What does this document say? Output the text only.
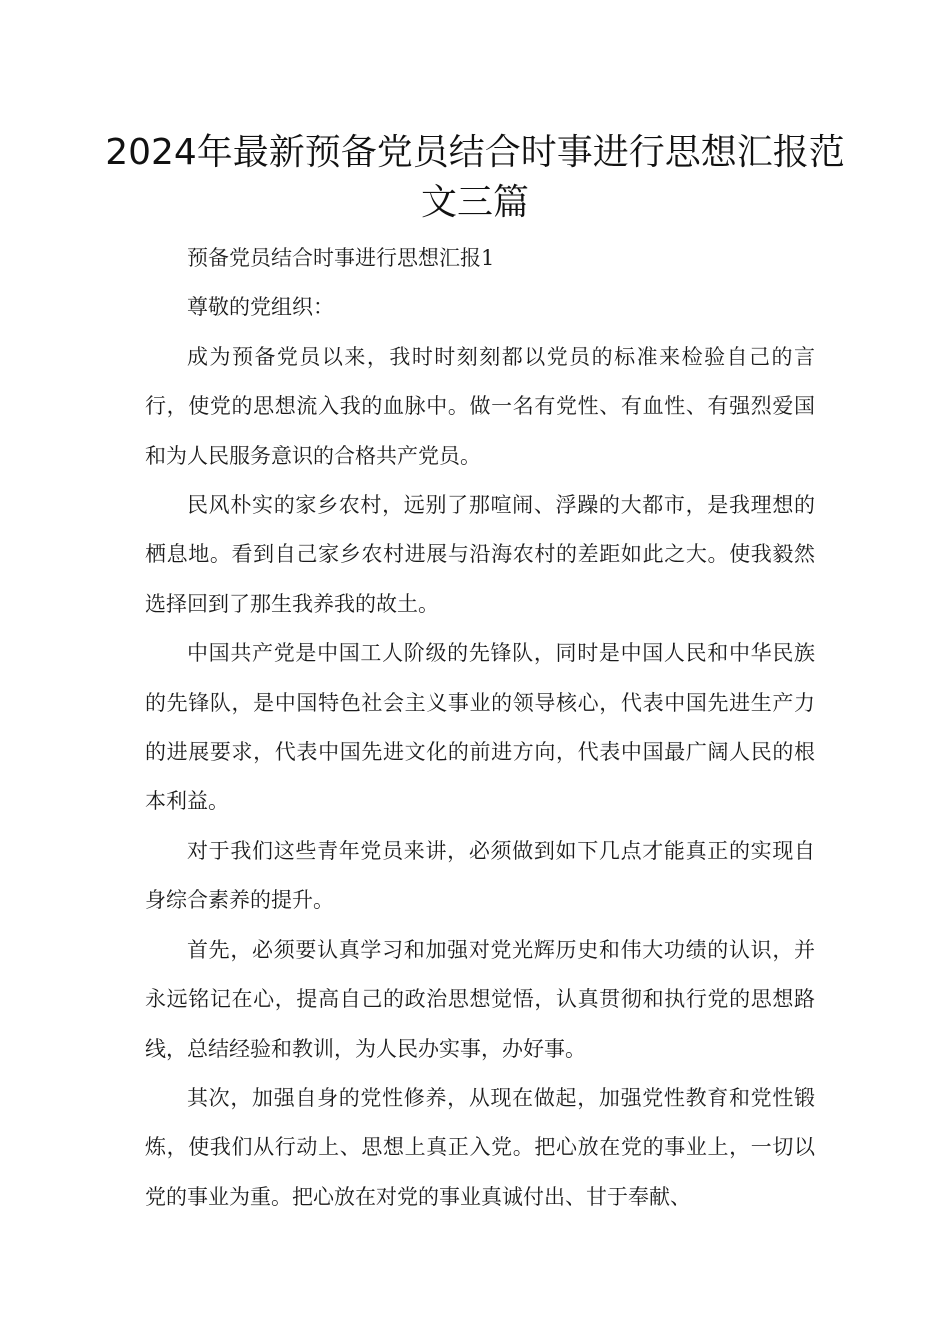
2024年最新预备党员结合时事进行思想汇报范文三篇

预备党员结合时事进行思想汇报1

尊敬的党组织：

成为预备党员以来，我时时刻刻都以党员的标准来检验自己的言行，使党的思想流入我的血脉中。做一名有党性、有血性、有强烈爱国和为人民服务意识的合格共产党员。

民风朴实的家乡农村，远别了那喧闹、浮躁的大都市，是我理想的栖息地。看到自己家乡农村进展与沿海农村的差距如此之大。使我毅然选择回到了那生我养我的故土。

中国共产党是中国工人阶级的先锋队，同时是中国人民和中华民族的先锋队，是中国特色社会主义事业的领导核心，代表中国先进生产力的进展要求，代表中国先进文化的前进方向，代表中国最广阔人民的根本利益。

对于我们这些青年党员来讲，必须做到如下几点才能真正的实现自身综合素养的提升。

首先，必须要认真学习和加强对党光辉历史和伟大功绩的认识，并永远铭记在心，提高自己的政治思想觉悟，认真贯彻和执行党的思想路线，总结经验和教训，为人民办实事，办好事。

其次，加强自身的党性修养，从现在做起，加强党性教育和党性锻炼，使我们从行动上、思想上真正入党。把心放在党的事业上，一切以党的事业为重。把心放在对党的事业真诚付出、甘于奉献、
